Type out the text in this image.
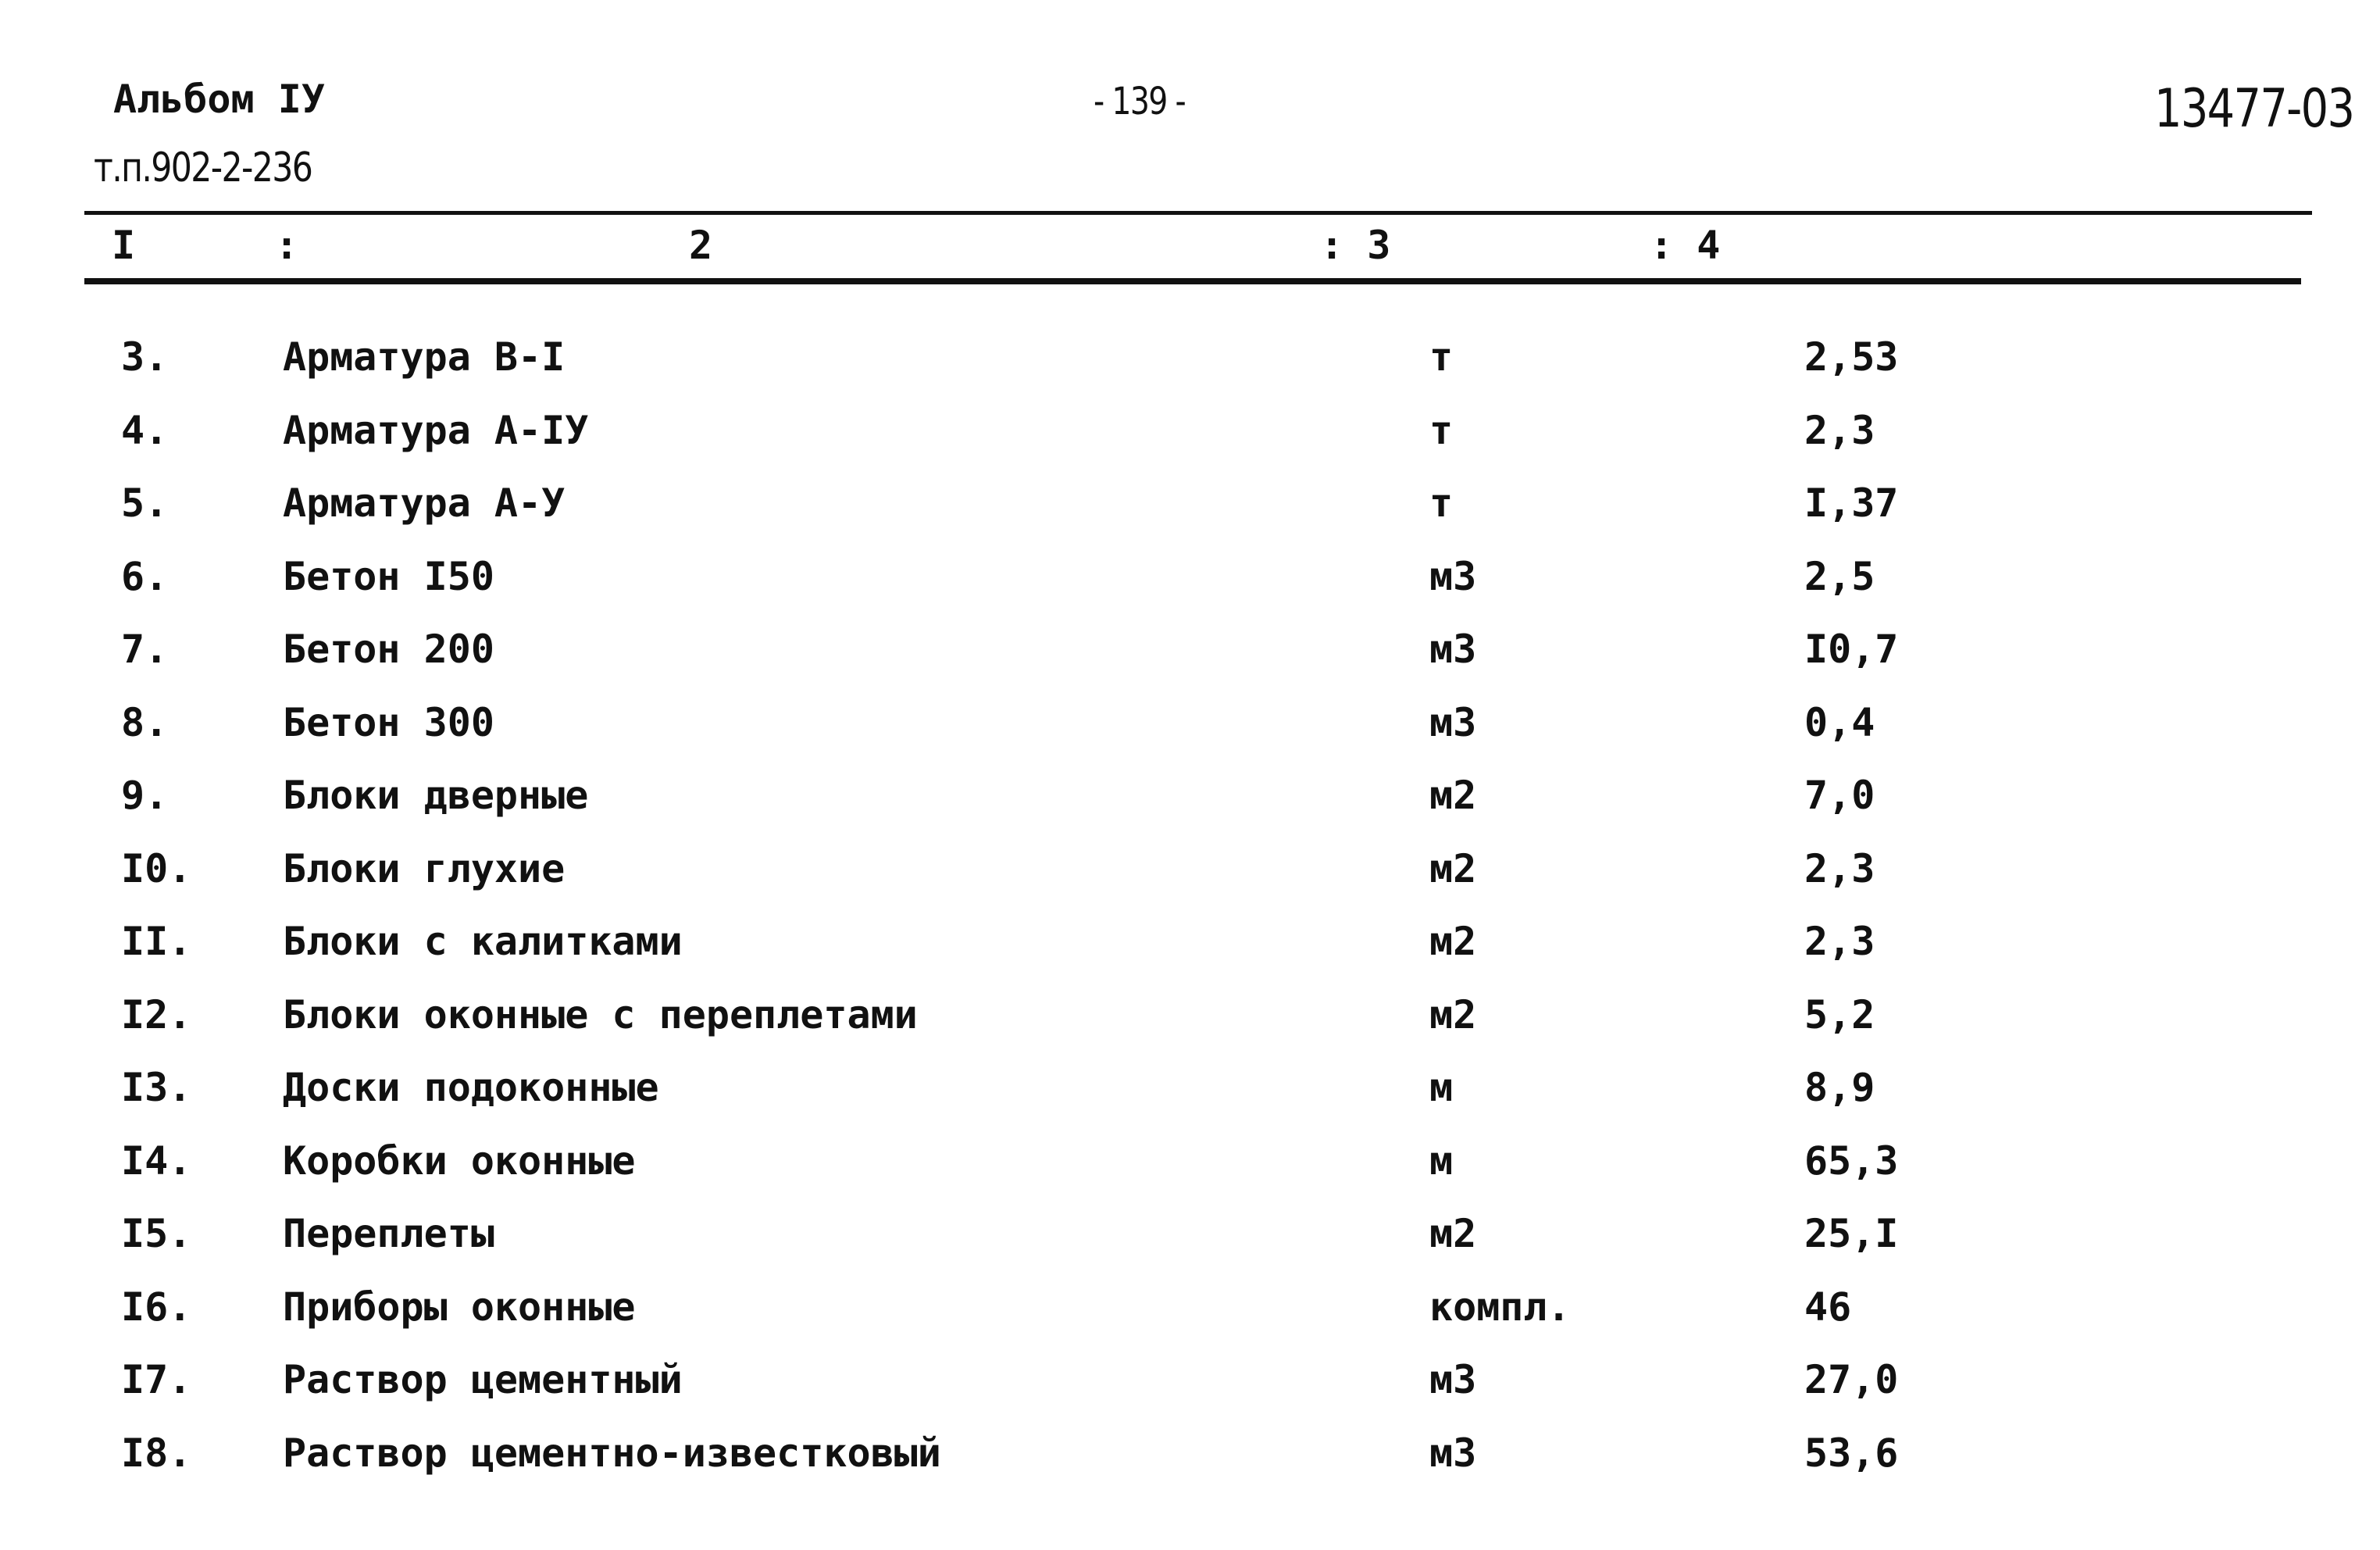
Альбом IУ
т.п.902-2-236
- 139 -	13477-03
I	:	2	: 3	: 4
3.	Арматура В-I	т	2,53
4.	Арматура А-IУ	т	2,3
5.	Арматура А-У	т	I,37
6.	Бетон I50	м3	2,5
7.	Бетон 200	м3	I0,7
8.	Бетон 300	м3	0,4
9.	Блоки дверные	м2	7,0
I0. Блоки глухие	м2	2,3
II. Блоки с калитками	м2	2,3
I2. Блоки оконные с переплетами	м2	5,2
I3. Доски подоконные	м	8,9
I4. Коробки оконные	м	65,3
I5. Переплеты	м2	25,I
I6. Приборы оконные	компл.	46
I7. Раствор цементный	м3	27,0
I8. Раствор цементно-известковый	м3	53,6
